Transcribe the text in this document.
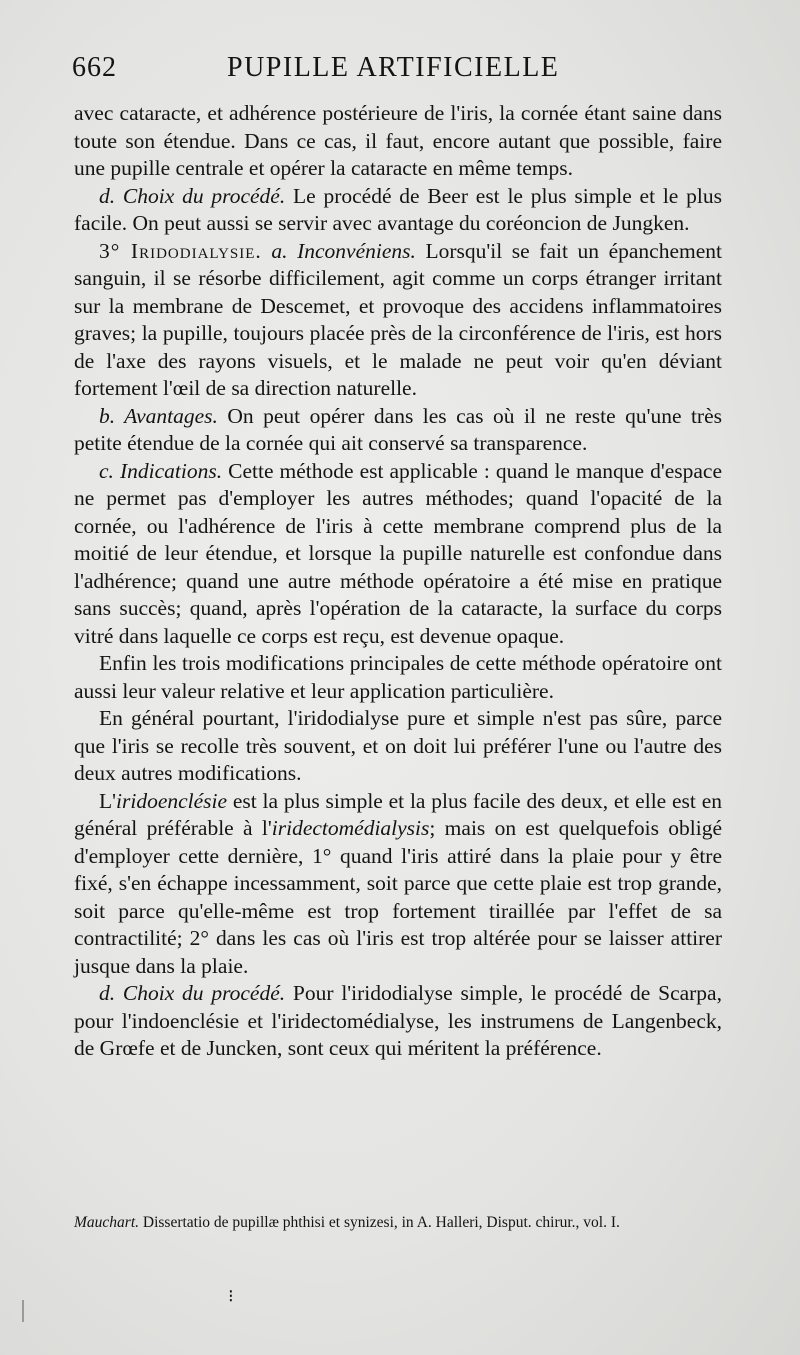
662	PUPILLE ARTIFICIELLE

avec cataracte, et adhérence postérieure de l'iris, la cornée étant saine dans toute son étendue. Dans ce cas, il faut, encore autant que possible, faire une pupille centrale et opérer la cataracte en même temps.

d. Choix du procédé. Le procédé de Beer est le plus simple et le plus facile. On peut aussi se servir avec avantage du coréoncion de Jungken.

3° Iridodialysie. a. Inconvéniens. Lorsqu'il se fait un épanchement sanguin, il se résorbe difficilement, agit comme un corps étranger irritant sur la membrane de Descemet, et provoque des accidens inflammatoires graves; la pupille, toujours placée près de la circonférence de l'iris, est hors de l'axe des rayons visuels, et le malade ne peut voir qu'en déviant fortement l'œil de sa direction naturelle.

b. Avantages. On peut opérer dans les cas où il ne reste qu'une très petite étendue de la cornée qui ait conservé sa transparence.

c. Indications. Cette méthode est applicable : quand le manque d'espace ne permet pas d'employer les autres méthodes; quand l'opacité de la cornée, ou l'adhérence de l'iris à cette membrane comprend plus de la moitié de leur étendue, et lorsque la pupille naturelle est confondue dans l'adhérence; quand une autre méthode opératoire a été mise en pratique sans succès; quand, après l'opération de la cataracte, la surface du corps vitré dans laquelle ce corps est reçu, est devenue opaque.

Enfin les trois modifications principales de cette méthode opératoire ont aussi leur valeur relative et leur application particulière.

En général pourtant, l'iridodialyse pure et simple n'est pas sûre, parce que l'iris se recolle très souvent, et on doit lui préférer l'une ou l'autre des deux autres modifications.

L'iridoenclésie est la plus simple et la plus facile des deux, et elle est en général préférable à l'iridectomédialysis; mais on est quelquefois obligé d'employer cette dernière, 1° quand l'iris attiré dans la plaie pour y être fixé, s'en échappe incessamment, soit parce que cette plaie est trop grande, soit parce qu'elle-même est trop fortement tiraillée par l'effet de sa contractilité; 2° dans les cas où l'iris est trop altérée pour se laisser attirer jusque dans la plaie.

d. Choix du procédé. Pour l'iridodialyse simple, le procédé de Scarpa, pour l'indoenclésie et l'iridectomédialyse, les instrumens de Langenbeck, de Grœfe et de Juncken, sont ceux qui méritent la préférence.

Mauchart. Dissertatio de pupillæ phthisi et synizesi, in A. Halleri, Disput. chirur., vol. I.
⁝
